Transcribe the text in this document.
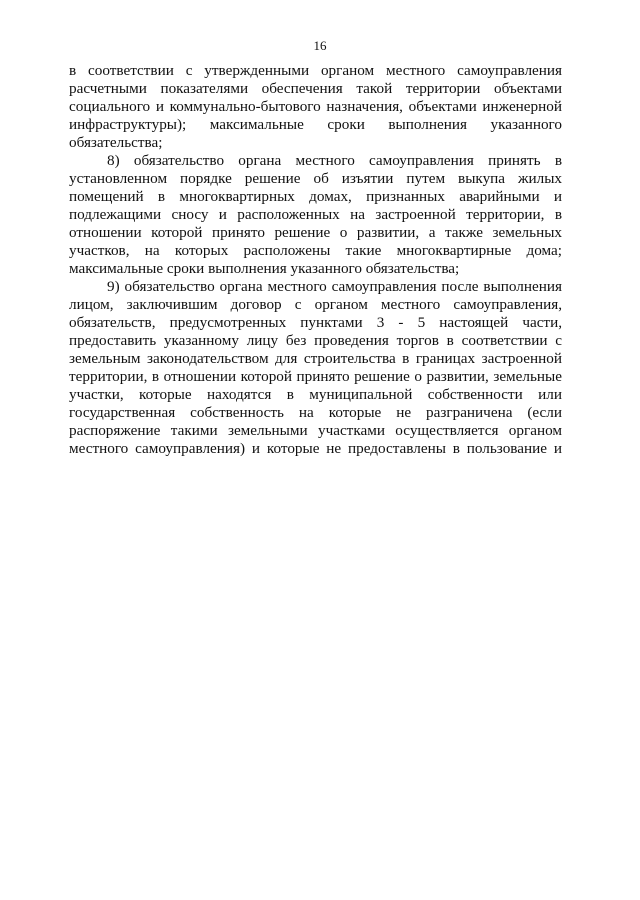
16
в соответствии с утвержденными органом местного самоуправления
расчетными показателями обеспечения такой территории объектами
социального и коммунально-бытового назначения, объектами инженерной
инфраструктуры); максимальные сроки выполнения указанного
обязательства;
8) обязательство органа местного самоуправления принять в
установленном порядке решение об изъятии путем выкупа жилых
помещений в многоквартирных домах, признанных аварийными и
подлежащими сносу и расположенных на застроенной территории, в
отношении которой принято решение о развитии, а также земельных
участков, на которых расположены такие многоквартирные дома;
максимальные сроки выполнения указанного обязательства;
9) обязательство органа местного самоуправления после выполнения
лицом, заключившим договор с органом местного самоуправления,
обязательств, предусмотренных пунктами 3 - 5 настоящей части,
предоставить указанному лицу без проведения торгов в соответствии с
земельным законодательством для строительства в границах застроенной
территории, в отношении которой принято решение о развитии, земельные
участки, которые находятся в муниципальной собственности или
государственная собственность на которые не разграничена (если
распоряжение такими земельными участками осуществляется органом
местного самоуправления) и которые не предоставлены в пользование и
